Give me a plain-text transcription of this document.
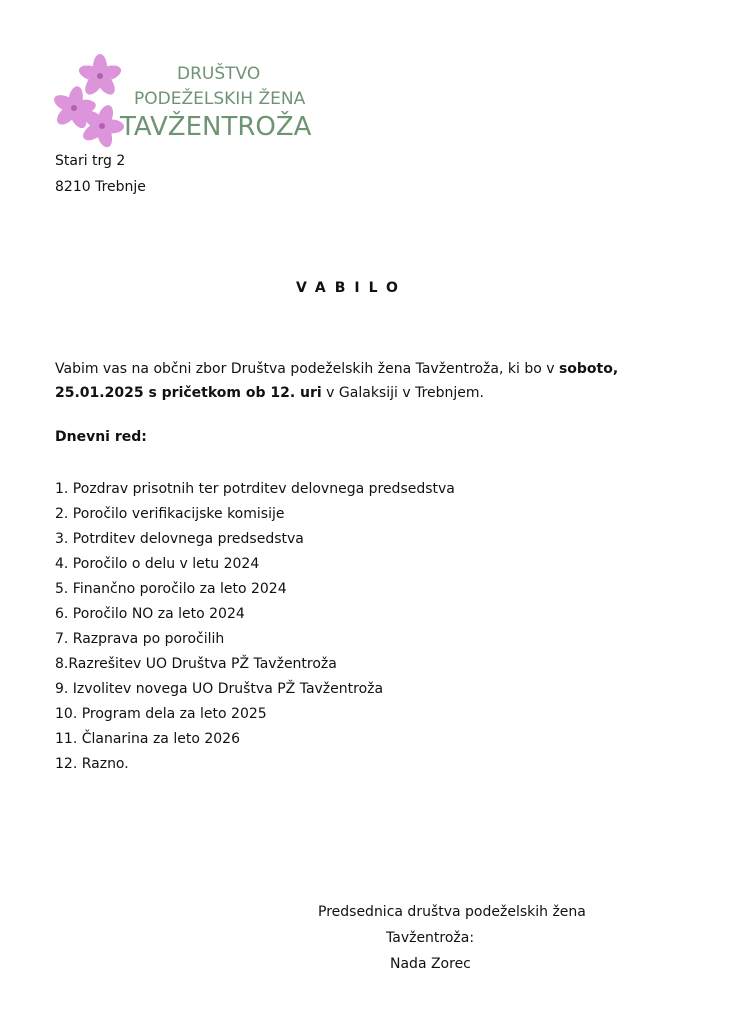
DRUŠTVO
PODEŽELSKIH ŽENA
TAVŽENTROŽA
Stari trg 2
8210 Trebnje
VABILO
Vabim vas na občni zbor Društva podeželskih žena Tavžentroža, ki bo v soboto,
25.01.2025 s pričetkom ob 12. uri v Galaksiji v Trebnjem.
Dnevni red:
1. Pozdrav prisotnih ter potrditev delovnega predsedstva
2. Poročilo verifikacijske komisije
3. Potrditev delovnega predsedstva
4. Poročilo o delu v letu 2024
5. Finančno poročilo za leto 2024
6. Poročilo NO za leto 2024
7. Razprava po poročilih
8.Razrešitev UO Društva PŽ Tavžentroža
9. Izvolitev novega UO Društva PŽ Tavžentroža
10. Program dela za leto 2025
11. Članarina za leto 2026
12. Razno.
Predsednica društva podeželskih žena
Tavžentroža:
Nada Zorec
